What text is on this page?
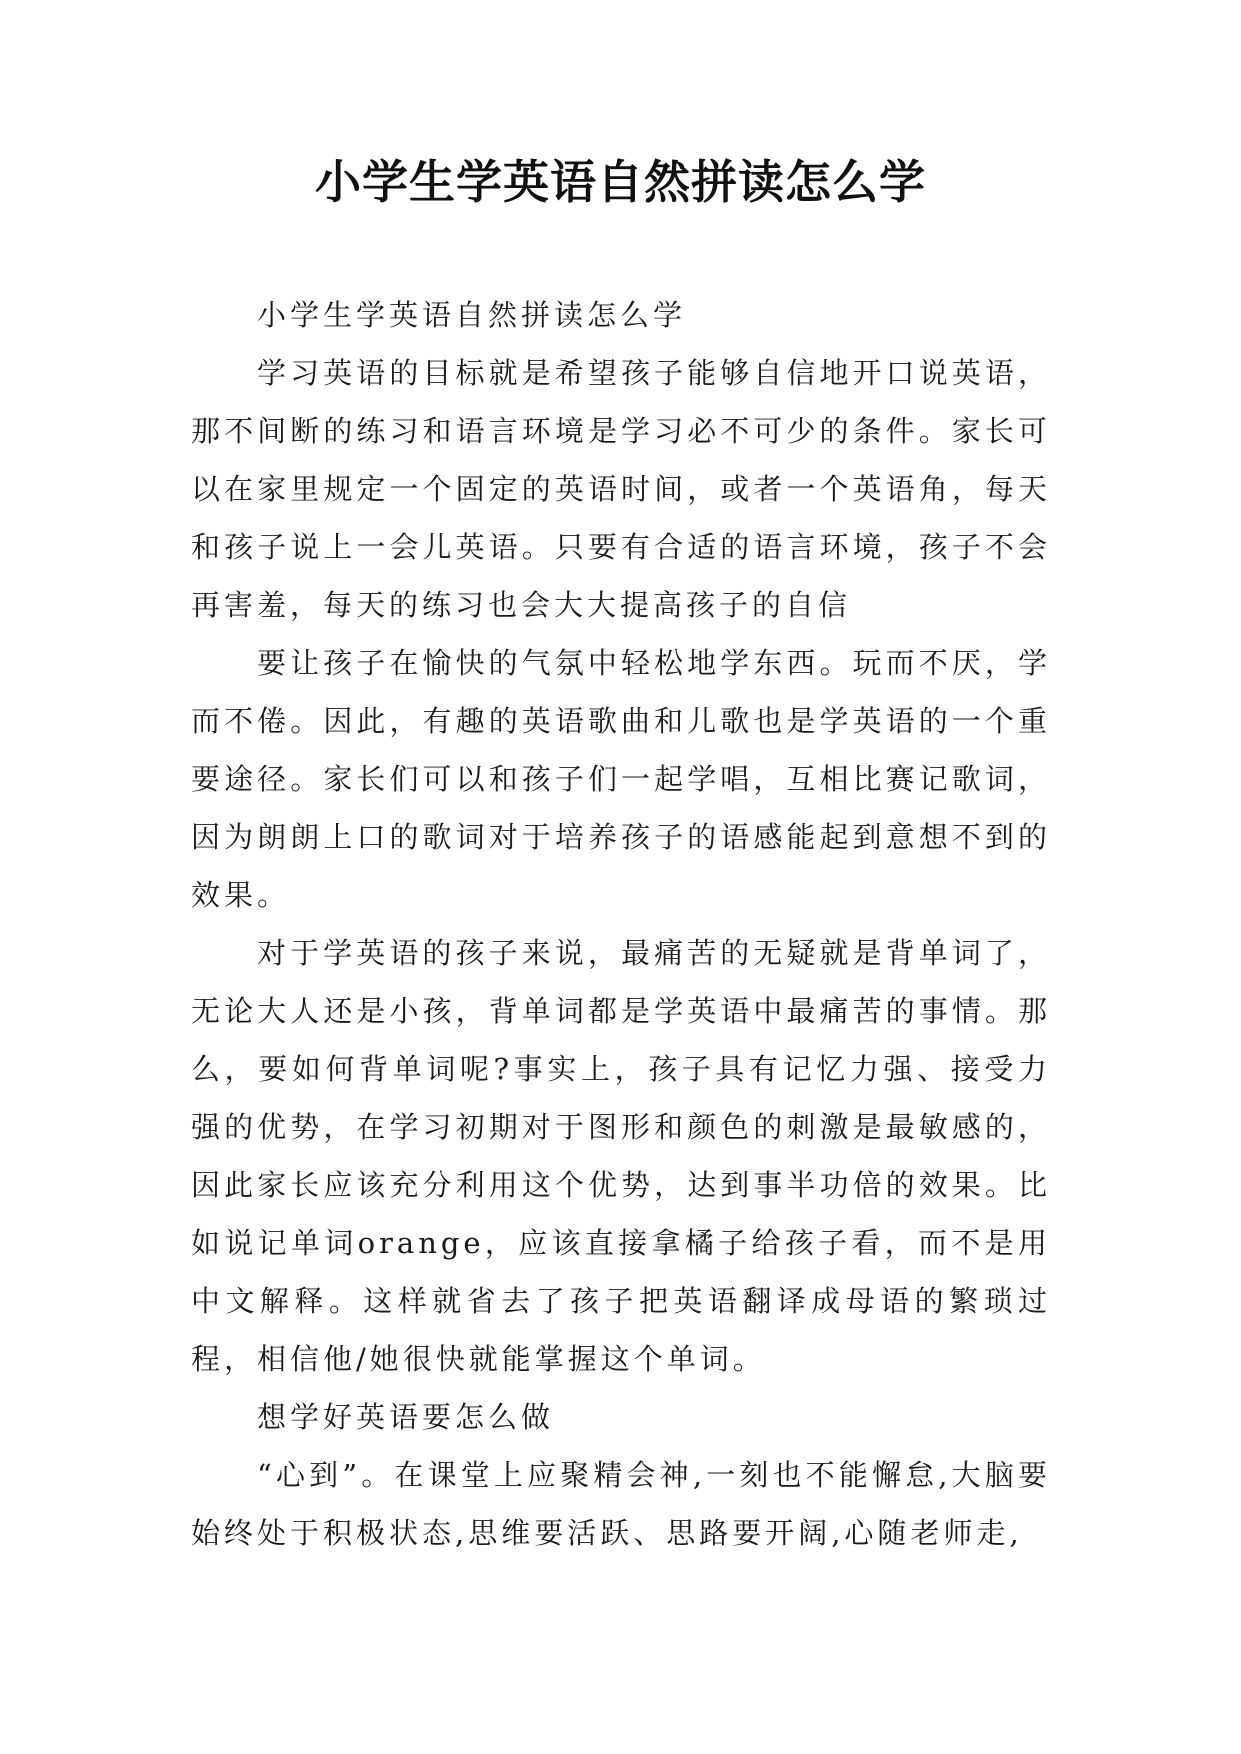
小学生学英语自然拼读怎么学

小学生学英语自然拼读怎么学

学习英语的目标就是希望孩子能够自信地开口说英语，那不间断的练习和语言环境是学习必不可少的条件。家长可以在家里规定一个固定的英语时间，或者一个英语角，每天和孩子说上一会儿英语。只要有合适的语言环境，孩子不会再害羞，每天的练习也会大大提高孩子的自信

要让孩子在愉快的气氛中轻松地学东西。玩而不厌，学而不倦。因此，有趣的英语歌曲和儿歌也是学英语的一个重要途径。家长们可以和孩子们一起学唱，互相比赛记歌词，因为朗朗上口的歌词对于培养孩子的语感能起到意想不到的效果。

对于学英语的孩子来说，最痛苦的无疑就是背单词了，无论大人还是小孩，背单词都是学英语中最痛苦的事情。那么，要如何背单词呢?事实上，孩子具有记忆力强、接受力强的优势，在学习初期对于图形和颜色的刺激是最敏感的，因此家长应该充分利用这个优势，达到事半功倍的效果。比如说记单词orange，应该直接拿橘子给孩子看，而不是用中文解释。这样就省去了孩子把英语翻译成母语的繁琐过程，相信他/她很快就能掌握这个单词。

想学好英语要怎么做

“心到”。在课堂上应聚精会神,一刻也不能懈怠,大脑要始终处于积极状态,思维要活跃、思路要开阔,心随老师走,
